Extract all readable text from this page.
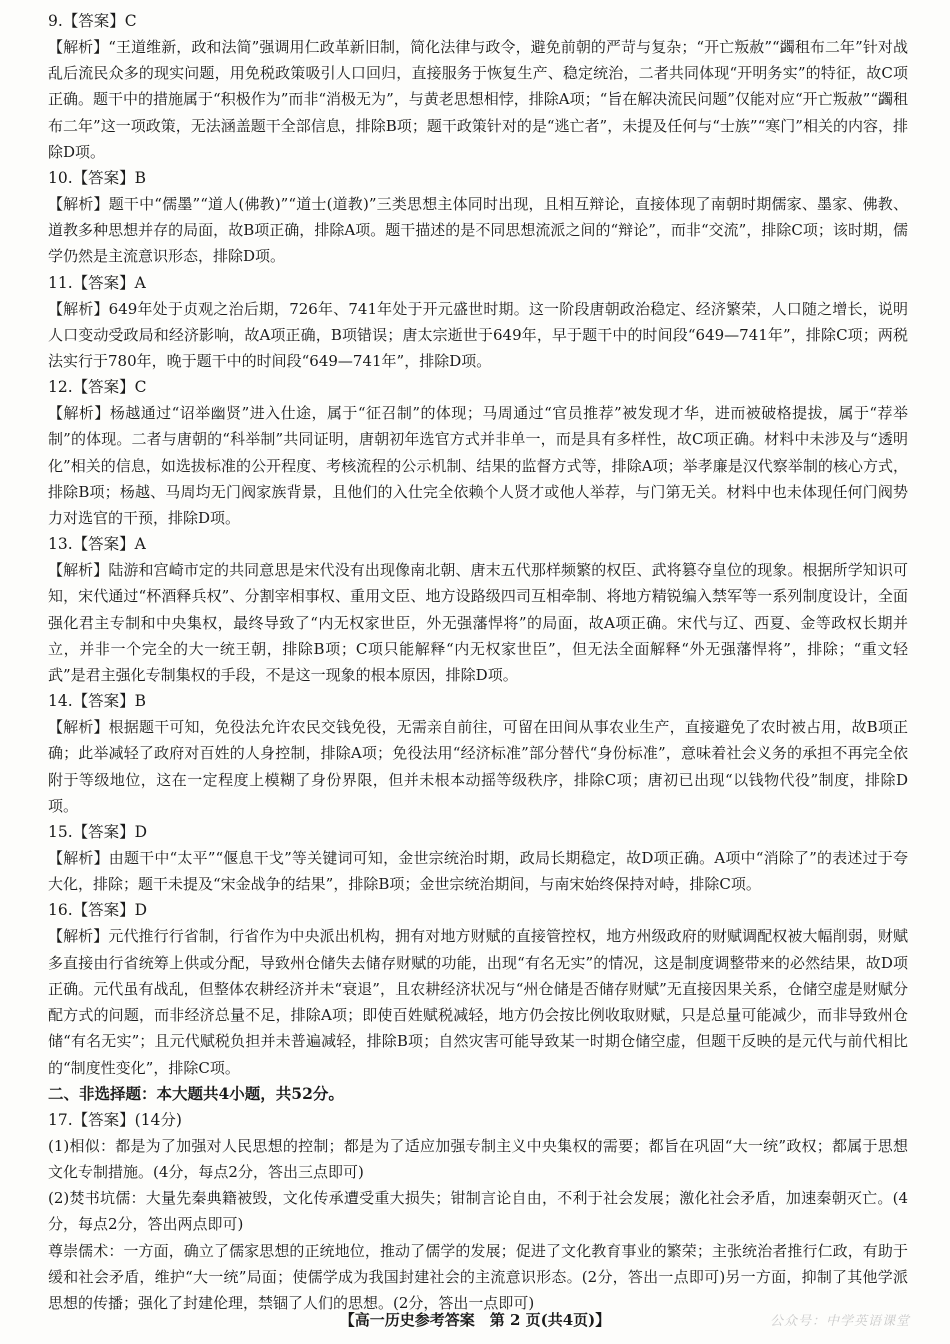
9.【答案】C

【解析】“王道维新，政和法简”强调用仁政革新旧制，简化法律与政令，避免前朝的严苛与复杂；“开亡叛赦”“蠲租布二年”针对战乱后流民众多的现实问题，用免税政策吸引人口回归，直接服务于恢复生产、稳定统治，二者共同体现“开明务实”的特征，故C项正确。题干中的措施属于“积极作为”而非“消极无为”，与黄老思想相悖，排除A项；“旨在解决流民问题”仅能对应“开亡叛赦”“蠲租布二年”这一项政策，无法涵盖题干全部信息，排除B项；题干政策针对的是“逃亡者”，未提及任何与“士族”“寒门”相关的内容，排除D项。

10.【答案】B

【解析】题干中“儒墨”“道人(佛教)”“道士(道教)”三类思想主体同时出现，且相互辩论，直接体现了南朝时期儒家、墨家、佛教、道教多种思想并存的局面，故B项正确，排除A项。题干描述的是不同思想流派之间的“辩论”，而非“交流”，排除C项；该时期，儒学仍然是主流意识形态，排除D项。

11.【答案】A

【解析】649年处于贞观之治后期，726年、741年处于开元盛世时期。这一阶段唐朝政治稳定、经济繁荣，人口随之增长，说明人口变动受政局和经济影响，故A项正确，B项错误；唐太宗逝世于649年，早于题干中的时间段“649—741年”，排除C项；两税法实行于780年，晚于题干中的时间段“649—741年”，排除D项。

12.【答案】C

【解析】杨越通过“诏举幽贤”进入仕途，属于“征召制”的体现；马周通过“官员推荐”被发现才华，进而被破格提拔，属于“荐举制”的体现。二者与唐朝的“科举制”共同证明，唐朝初年选官方式并非单一，而是具有多样性，故C项正确。材料中未涉及与“透明化”相关的信息，如选拔标准的公开程度、考核流程的公示机制、结果的监督方式等，排除A项；举孝廉是汉代察举制的核心方式，排除B项；杨越、马周均无门阀家族背景，且他们的入仕完全依赖个人贤才或他人举荐，与门第无关。材料中也未体现任何门阀势力对选官的干预，排除D项。

13.【答案】A

【解析】陆游和宫崎市定的共同意思是宋代没有出现像南北朝、唐末五代那样频繁的权臣、武将篡夺皇位的现象。根据所学知识可知，宋代通过“杯酒释兵权”、分割宰相事权、重用文臣、地方设路级四司互相牵制、将地方精锐编入禁军等一系列制度设计，全面强化君主专制和中央集权，最终导致了“内无权家世臣，外无强藩悍将”的局面，故A项正确。宋代与辽、西夏、金等政权长期并立，并非一个完全的大一统王朝，排除B项；C项只能解释“内无权家世臣”，但无法全面解释“外无强藩悍将”，排除；“重文轻武”是君主强化专制集权的手段，不是这一现象的根本原因，排除D项。

14.【答案】B

【解析】根据题干可知，免役法允许农民交钱免役，无需亲自前往，可留在田间从事农业生产，直接避免了农时被占用，故B项正确；此举减轻了政府对百姓的人身控制，排除A项；免役法用“经济标准”部分替代“身份标准”，意味着社会义务的承担不再完全依附于等级地位，这在一定程度上模糊了身份界限，但并未根本动摇等级秩序，排除C项；唐初已出现“以钱物代役”制度，排除D项。

15.【答案】D

【解析】由题干中“太平”“偃息干戈”等关键词可知，金世宗统治时期，政局长期稳定，故D项正确。A项中“消除了”的表述过于夸大化，排除；题干未提及“宋金战争的结果”，排除B项；金世宗统治期间，与南宋始终保持对峙，排除C项。

16.【答案】D

【解析】元代推行行省制，行省作为中央派出机构，拥有对地方财赋的直接管控权，地方州级政府的财赋调配权被大幅削弱，财赋多直接由行省统筹上供或分配，导致州仓储失去储存财赋的功能，出现“有名无实”的情况，这是制度调整带来的必然结果，故D项正确。元代虽有战乱，但整体农耕经济并未“衰退”，且农耕经济状况与“州仓储是否储存财赋”无直接因果关系，仓储空虚是财赋分配方式的问题，而非经济总量不足，排除A项；即使百姓赋税减轻，地方仍会按比例收取财赋，只是总量可能减少，而非导致州仓储“有名无实”；且元代赋税负担并未普遍减轻，排除B项；自然灾害可能导致某一时期仓储空虚，但题干反映的是元代与前代相比的“制度性变化”，排除C项。

二、非选择题：本大题共4小题，共52分。
17.【答案】(14分)

(1)相似：都是为了加强对人民思想的控制；都是为了适应加强专制主义中央集权的需要；都旨在巩固“大一统”政权；都属于思想文化专制措施。(4分，每点2分，答出三点即可)

(2)焚书坑儒：大量先秦典籍被毁，文化传承遭受重大损失；钳制言论自由，不利于社会发展；激化社会矛盾，加速秦朝灭亡。(4分，每点2分，答出两点即可)

尊崇儒术：一方面，确立了儒家思想的正统地位，推动了儒学的发展；促进了文化教育事业的繁荣；主张统治者推行仁政，有助于缓和社会矛盾，维护“大一统”局面；使儒学成为我国封建社会的主流意识形态。(2分，答出一点即可)另一方面，抑制了其他学派思想的传播；强化了封建伦理，禁锢了人们的思想。(2分，答出一点即可)

【高一历史参考答案　第 2 页(共4页)】	公众号：中学英语课堂
